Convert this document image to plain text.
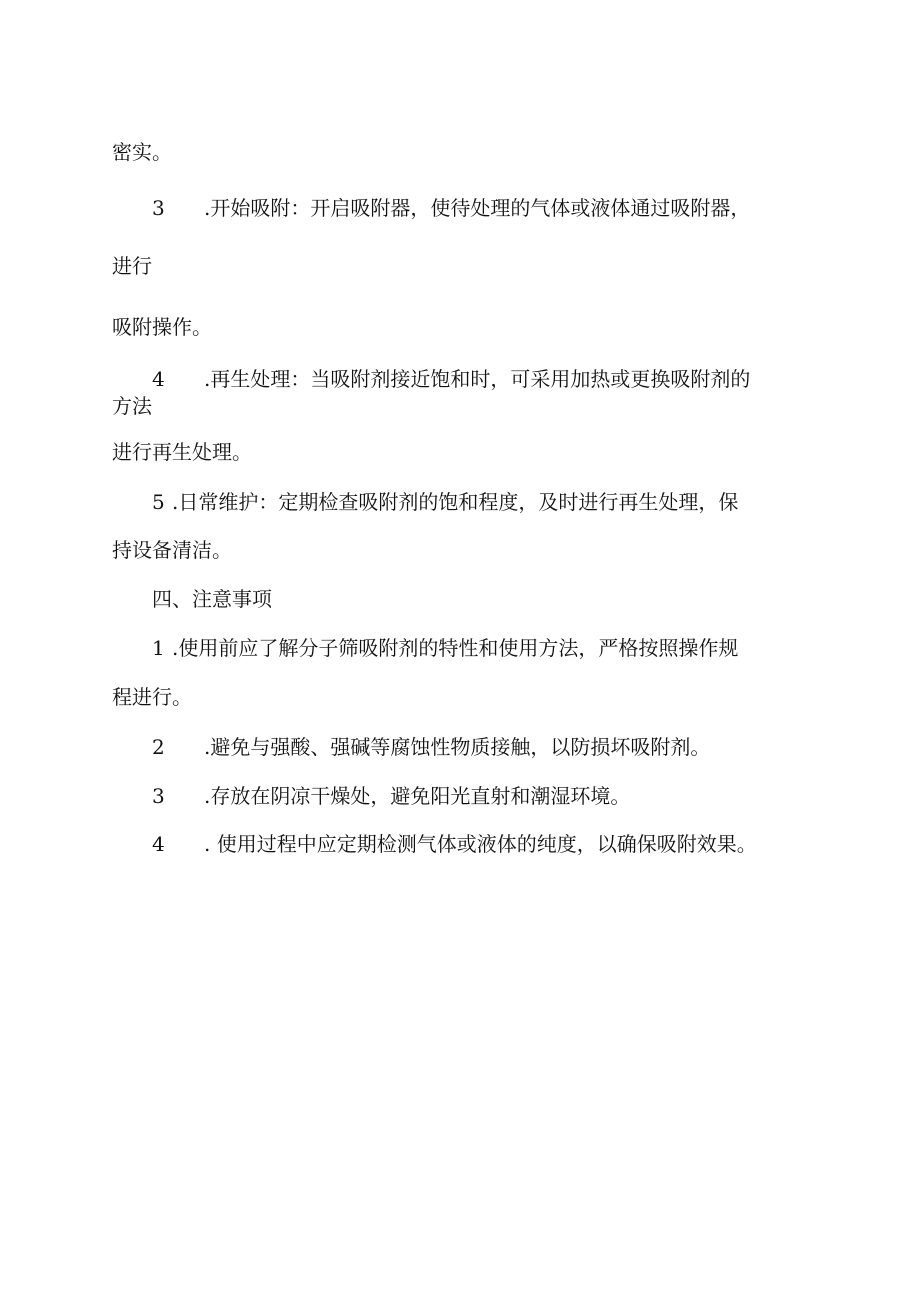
密实。
3 .开始吸附：开启吸附器，使待处理的气体或液体通过吸附器，
进行
吸附操作。
4 .再生处理：当吸附剂接近饱和时，可采用加热或更换吸附剂的
方法
进行再生处理。
5 .日常维护：定期检查吸附剂的饱和程度，及时进行再生处理，保
持设备清洁。
四、注意事项
1 .使用前应了解分子筛吸附剂的特性和使用方法，严格按照操作规
程进行。
2 .避免与强酸、强碱等腐蚀性物质接触，以防损坏吸附剂。
3 .存放在阴凉干燥处，避免阳光直射和潮湿环境。
4 . 使用过程中应定期检测气体或液体的纯度，以确保吸附效果。
